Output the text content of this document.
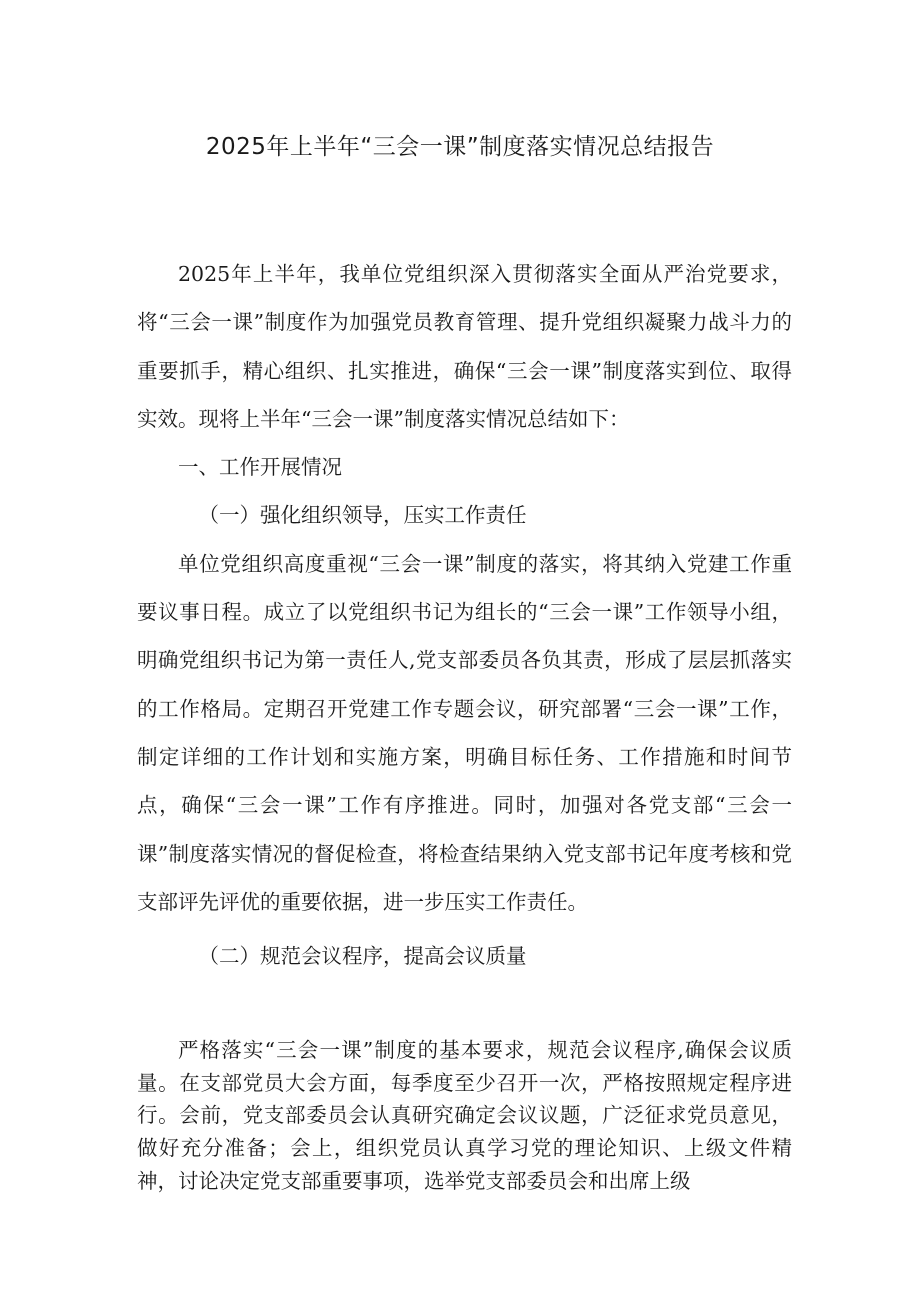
2025年上半年“三会一课”制度落实情况总结报告

2025年上半年，我单位党组织深入贯彻落实全面从严治党要求，将“三会一课”制度作为加强党员教育管理、提升党组织凝聚力战斗力的重要抓手，精心组织、扎实推进，确保“三会一课”制度落实到位、取得实效。现将上半年“三会一课”制度落实情况总结如下：

一、工作开展情况

（一）强化组织领导，压实工作责任

单位党组织高度重视“三会一课”制度的落实，将其纳入党建工作重要议事日程。成立了以党组织书记为组长的“三会一课”工作领导小组，明确党组织书记为第一责任人,党支部委员各负其责，形成了层层抓落实的工作格局。定期召开党建工作专题会议，研究部署“三会一课”工作，制定详细的工作计划和实施方案，明确目标任务、工作措施和时间节点，确保“三会一课”工作有序推进。同时，加强对各党支部“三会一课”制度落实情况的督促检查，将检查结果纳入党支部书记年度考核和党支部评先评优的重要依据，进一步压实工作责任。

（二）规范会议程序，提高会议质量

严格落实“三会一课”制度的基本要求，规范会议程序,确保会议质量。在支部党员大会方面，每季度至少召开一次，严格按照规定程序进行。会前，党支部委员会认真研究确定会议议题，广泛征求党员意见，做好充分准备；会上，组织党员认真学习党的理论知识、上级文件精神，讨论决定党支部重要事项，选举党支部委员会和出席上级
